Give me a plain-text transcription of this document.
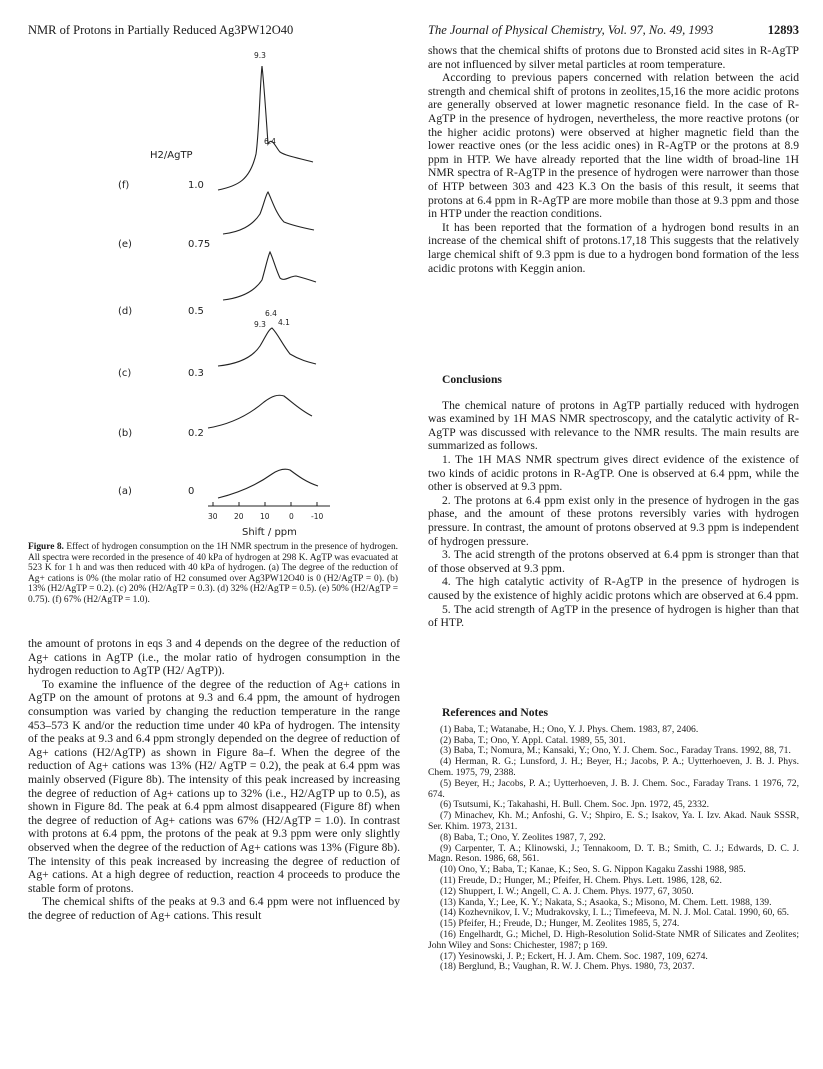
NMR of Protons in Partially Reduced Ag3PW12O40	The Journal of Physical Chemistry, Vol. 97, No. 49, 1993	12893
9.3
6.4
H2/AgTP
(f)	1.0
(e)	0.75
(d)	0.5
(c)	0.3
(b)	0.2
(a)	0
6.4
9.3 4.1
30 20 10	0 -10
Shift / ppm
Figure 8. Effect of hydrogen consumption on the 1H NMR spectrum in the presence of hydrogen. All spectra were recorded in the presence of 40 kPa of hydrogen at 298 K. AgTP was evacuated at 523 K for 1 h and was then reduced with 40 kPa of hydrogen. (a) The degree of the reduction of Ag+ cations is 0% (the molar ratio of H2 consumed over Ag3PW12O40 is 0 (H2/AgTP = 0). (b) 13% (H2/AgTP = 0.2). (c) 20% (H2/AgTP = 0.3). (d) 32% (H2/AgTP = 0.5). (e) 50% (H2/AgTP = 0.75). (f) 67% (H2/AgTP = 1.0).

the amount of protons in eqs 3 and 4 depends on the degree of the reduction of Ag+ cations in AgTP (i.e., the molar ratio of hydrogen consumption in the hydrogen reduction to AgTP (H2/ AgTP)).

To examine the influence of the degree of the reduction of Ag+ cations in AgTP on the amount of protons at 9.3 and 6.4 ppm, the amount of hydrogen consumption was varied by changing the reduction temperature in the range 453–573 K and/or the reduction time under 40 kPa of hydrogen. The intensity of the peaks at 9.3 and 6.4 ppm strongly depended on the degree of reduction of Ag+ cations (H2/AgTP) as shown in Figure 8a–f. When the degree of the reduction of Ag+ cations was 13% (H2/ AgTP = 0.2), the peak at 6.4 ppm was mainly observed (Figure 8b). The intensity of this peak increased by increasing the degree of reduction of Ag+ cations up to 32% (i.e., H2/AgTP up to 0.5), as shown in Figure 8d. The peak at 6.4 ppm almost disappeared (Figure 8f) when the degree of reduction of Ag+ cations was 67% (H2/AgTP = 1.0). In contrast with protons at 6.4 ppm, the protons of the peak at 9.3 ppm were only slightly observed when the degree of the reduction of Ag+ cations was 13% (Figure 8b). The intensity of this peak increased by increasing the degree of reduction of Ag+ cations. At a high degree of reduction, reaction 4 proceeds to produce the stable form of protons.

The chemical shifts of the peaks at 9.3 and 6.4 ppm were not influenced by the degree of reduction of Ag+ cations. This result

shows that the chemical shifts of protons due to Bronsted acid sites in R-AgTP are not influenced by silver metal particles at room temperature.

According to previous papers concerned with relation between the acid strength and chemical shift of protons in zeolites,15,16 the more acidic protons are generally observed at lower magnetic resonance field. In the case of R-AgTP in the presence of hydrogen, nevertheless, the more reactive protons (or the higher acidic protons) were observed at higher magnetic field than the lower reactive ones (or the less acidic ones) in R-AgTP or the protons at 8.9 ppm in HTP. We have already reported that the line width of broad-line 1H NMR spectra of R-AgTP in the presence of hydrogen were narrower than those of HTP between 303 and 423 K.3 On the basis of this result, it seems that protons at 6.4 ppm in R-AgTP are more mobile than those at 9.3 ppm and those in HTP under the reaction conditions.

It has been reported that the formation of a hydrogen bond results in an increase of the chemical shift of protons.17,18 This suggests that the relatively large chemical shift of 9.3 ppm is due to a hydrogen bond formation of the less acidic protons with Keggin anion.

Conclusions

The chemical nature of protons in AgTP partially reduced with hydrogen was examined by 1H MAS NMR spectroscopy, and the catalytic activity of R-AgTP was discussed with relevance to the NMR results. The main results are summarized as follows.

1. The 1H MAS NMR spectrum gives direct evidence of the existence of two kinds of acidic protons in R-AgTP. One is observed at 6.4 ppm, while the other is observed at 9.3 ppm.

2. The protons at 6.4 ppm exist only in the presence of hydrogen in the gas phase, and the amount of these protons reversibly varies with hydrogen pressure. In contrast, the amount of protons observed at 9.3 ppm is independent of hydrogen pressure.

3. The acid strength of the protons observed at 6.4 ppm is stronger than that of those observed at 9.3 ppm.

4. The high catalytic activity of R-AgTP in the presence of hydrogen is caused by the existence of highly acidic protons which are observed at 6.4 ppm.

5. The acid strength of AgTP in the presence of hydrogen is higher than that of HTP.

References and Notes

(1) Baba, T.; Watanabe, H.; Ono, Y. J. Phys. Chem. 1983, 87, 2406.
(2) Baba, T.; Ono, Y. Appl. Catal. 1989, 55, 301.
(3) Baba, T.; Nomura, M.; Kansaki, Y.; Ono, Y. J. Chem. Soc., Faraday Trans. 1992, 88, 71.
(4) Herman, R. G.; Lunsford, J. H.; Beyer, H.; Jacobs, P. A.; Uytterhoeven, J. B. J. Phys. Chem. 1975, 79, 2388.
(5) Beyer, H.; Jacobs, P. A.; Uytterhoeven, J. B. J. Chem. Soc., Faraday Trans. 1 1976, 72, 674.
(6) Tsutsumi, K.; Takahashi, H. Bull. Chem. Soc. Jpn. 1972, 45, 2332.
(7) Minachev, Kh. M.; Anfoshi, G. V.; Shpiro, E. S.; Isakov, Ya. I. Izv. Akad. Nauk SSSR, Ser. Khim. 1973, 2131.
(8) Baba, T.; Ono, Y. Zeolites 1987, 7, 292.
(9) Carpenter, T. A.; Klinowski, J.; Tennakoom, D. T. B.; Smith, C. J.; Edwards, D. C. J. Magn. Reson. 1986, 68, 561.
(10) Ono, Y.; Baba, T.; Kanae, K.; Seo, S. G. Nippon Kagaku Zasshi 1988, 985.
(11) Freude, D.; Hunger, M.; Pfeifer, H. Chem. Phys. Lett. 1986, 128, 62.
(12) Shuppert, I. W.; Angell, C. A. J. Chem. Phys. 1977, 67, 3050.
(13) Kanda, Y.; Lee, K. Y.; Nakata, S.; Asaoka, S.; Misono, M. Chem. Lett. 1988, 139.
(14) Kozhevnikov, I. V.; Mudrakovsky, I. L.; Timefeeva, M. N. J. Mol. Catal. 1990, 60, 65.
(15) Pfeifer, H.; Freude, D.; Hunger, M. Zeolites 1985, 5, 274.
(16) Engelhardt, G.; Michel, D. High-Resolution Solid-State NMR of Silicates and Zeolites; John Wiley and Sons: Chichester, 1987; p 169.
(17) Yesinowski, J. P.; Eckert, H. J. Am. Chem. Soc. 1987, 109, 6274.
(18) Berglund, B.; Vaughan, R. W. J. Chem. Phys. 1980, 73, 2037.
